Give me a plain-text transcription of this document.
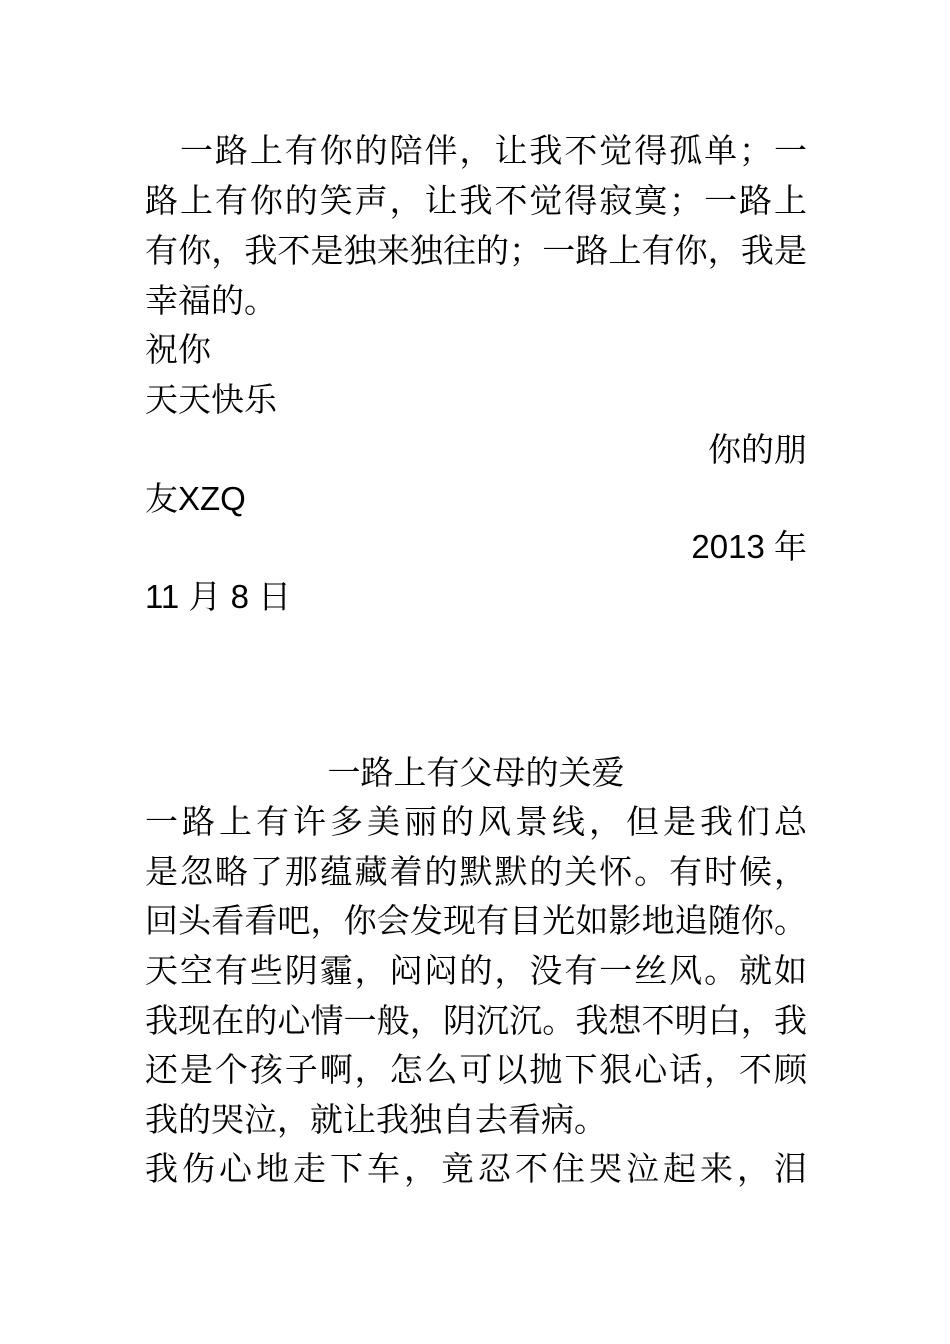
　一路上有你的陪伴，让我不觉得孤单；一
路上有你的笑声，让我不觉得寂寞；一路上
有你，我不是独来独往的；一路上有你，我是
幸福的。
祝你
天天快乐
你的朋
友XZQ
2013 年
11 月 8 日
一路上有父母的关爱
一路上有许多美丽的风景线，但是我们总
是忽略了那蕴藏着的默默的关怀。有时候，
回头看看吧，你会发现有目光如影地追随你。
天空有些阴霾，闷闷的，没有一丝风。就如
我现在的心情一般，阴沉沉。我想不明白，我
还是个孩子啊，怎么可以抛下狠心话，不顾
我的哭泣，就让我独自去看病。
我伤心地走下车，竟忍不住哭泣起来，泪
